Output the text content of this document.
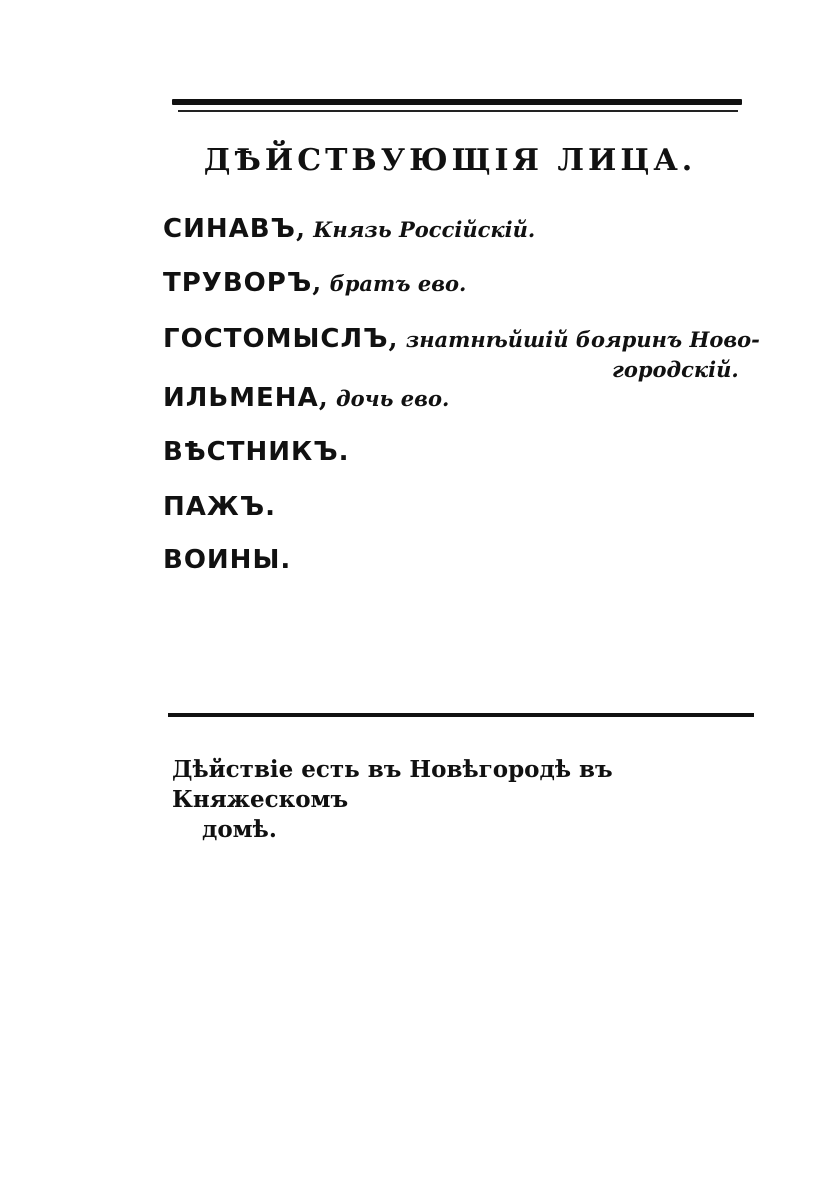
ДѢЙСТВУЮЩІЯ ЛИЦА.
СИНАВЪ, Князь Россійскій.
ТРУВОРЪ, братъ ево.
ГОСТОМЫСЛЪ, знатнѣйшій бояринъ Ново-
городскій.
ИЛЬМЕНА, дочь ево.
ВѢСТНИКЪ.
ПАЖЪ.
ВОИНЫ.
Дѣйствіе есть въ Новѣгородѣ въ Княжескомъ
домѣ.
